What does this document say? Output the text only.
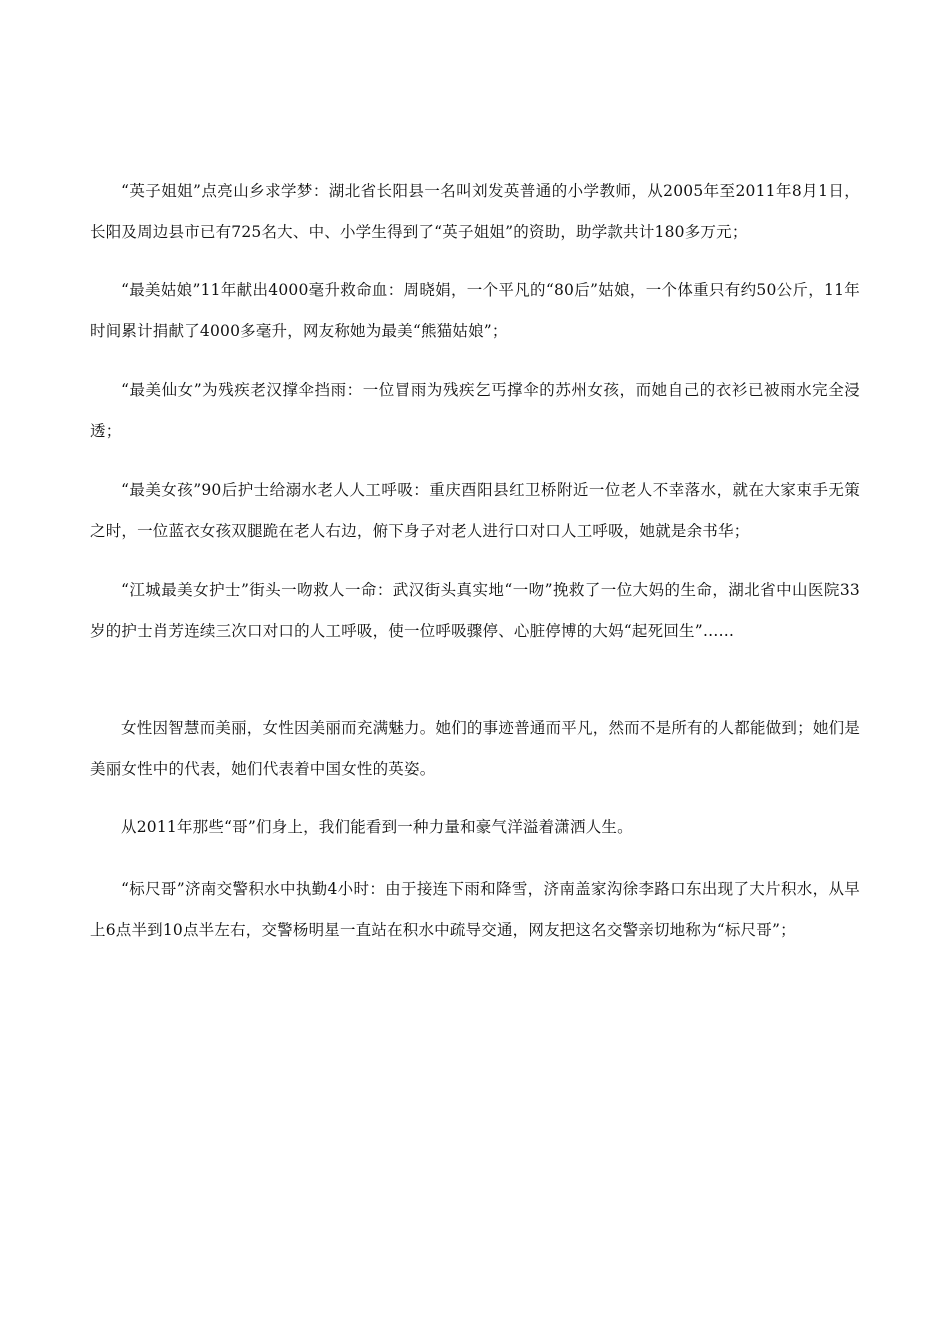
“英子姐姐”点亮山乡求学梦：湖北省长阳县一名叫刘发英普通的小学教师，从2005年至2011年8月1日，长阳及周边县市已有725名大、中、小学生得到了“英子姐姐”的资助，助学款共计180多万元；

“最美姑娘”11年献出4000毫升救命血：周晓娟，一个平凡的“80后”姑娘，一个体重只有约50公斤，11年时间累计捐献了4000多毫升，网友称她为最美“熊猫姑娘”；

“最美仙女”为残疾老汉撑伞挡雨：一位冒雨为残疾乞丐撑伞的苏州女孩，而她自己的衣衫已被雨水完全浸透；

“最美女孩”90后护士给溺水老人人工呼吸：重庆酉阳县红卫桥附近一位老人不幸落水，就在大家束手无策之时，一位蓝衣女孩双腿跪在老人右边，俯下身子对老人进行口对口人工呼吸，她就是余书华；

“江城最美女护士”街头一吻救人一命：武汉街头真实地“一吻”挽救了一位大妈的生命，湖北省中山医院33岁的护士肖芳连续三次口对口的人工呼吸，使一位呼吸骤停、心脏停博的大妈“起死回生”……

女性因智慧而美丽，女性因美丽而充满魅力。她们的事迹普通而平凡，然而不是所有的人都能做到；她们是美丽女性中的代表，她们代表着中国女性的英姿。

从2011年那些“哥”们身上，我们能看到一种力量和豪气洋溢着潇洒人生。

“标尺哥”济南交警积水中执勤4小时：由于接连下雨和降雪，济南盖家沟徐李路口东出现了大片积水，从早上6点半到10点半左右，交警杨明星一直站在积水中疏导交通，网友把这名交警亲切地称为“标尺哥”；
